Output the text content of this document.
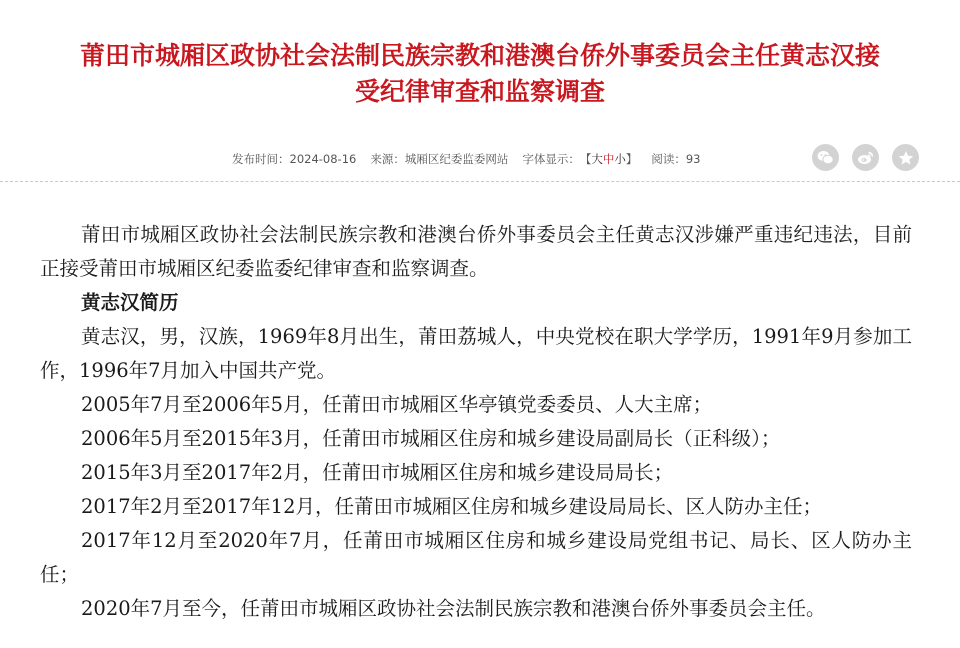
莆田市城厢区政协社会法制民族宗教和港澳台侨外事委员会主任黄志汉接
受纪律审查和监察调查
发布时间：2024-08-16 来源：城厢区纪委监委网站 字体显示：【大中小】 阅读：93

莆田市城厢区政协社会法制民族宗教和港澳台侨外事委员会主任黄志汉涉嫌严重违纪违法，目前正接受莆田市城厢区纪委监委纪律审查和监察调查。

黄志汉简历

黄志汉，男，汉族，1969年8月出生，莆田荔城人，中央党校在职大学学历，1991年9月参加工作，1996年7月加入中国共产党。

2005年7月至2006年5月，任莆田市城厢区华亭镇党委委员、人大主席；

2006年5月至2015年3月，任莆田市城厢区住房和城乡建设局副局长（正科级）；

2015年3月至2017年2月，任莆田市城厢区住房和城乡建设局局长；

2017年2月至2017年12月，任莆田市城厢区住房和城乡建设局局长、区人防办主任；

2017年12月至2020年7月，任莆田市城厢区住房和城乡建设局党组书记、局长、区人防办主任；

2020年7月至今，任莆田市城厢区政协社会法制民族宗教和港澳台侨外事委员会主任。
